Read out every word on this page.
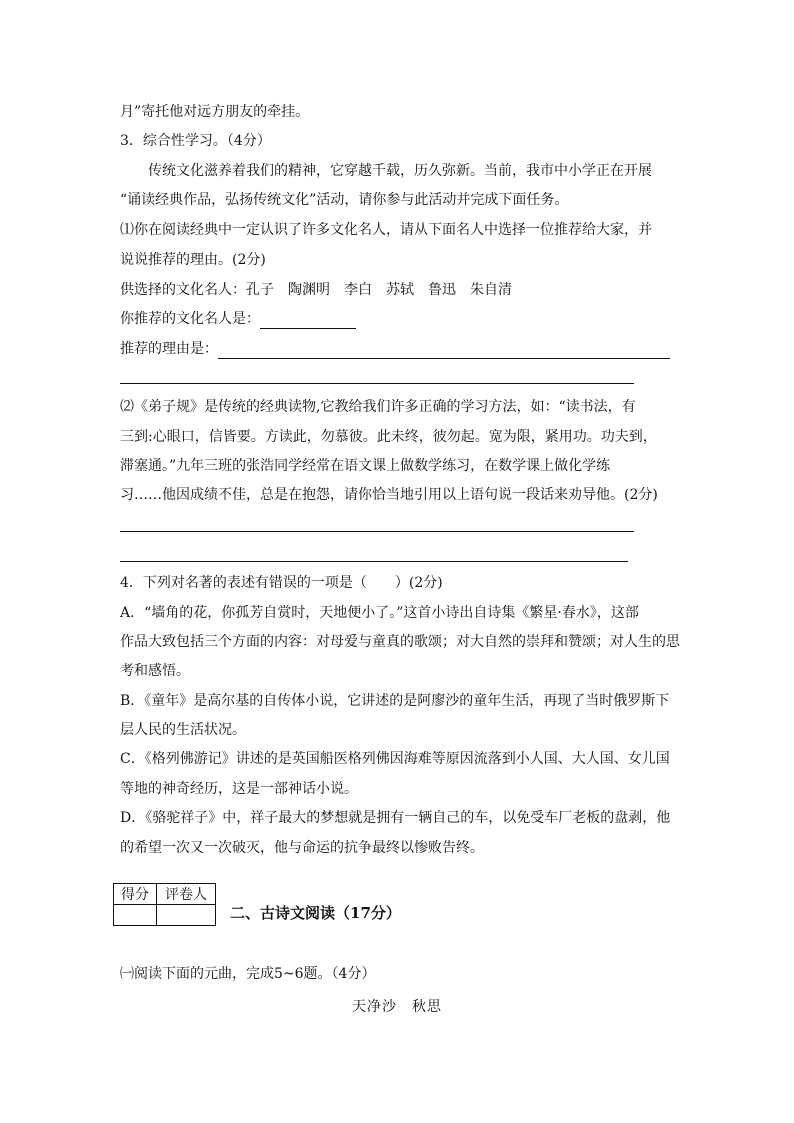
月”寄托他对远方朋友的牵挂。
3．综合性学习。（4分）
传统文化滋养着我们的精神，它穿越千载，历久弥新。当前，我市中小学正在开展
“诵读经典作品，弘扬传统文化”活动，请你参与此活动并完成下面任务。
⑴你在阅读经典中一定认识了许多文化名人，请从下面名人中选择一位推荐给大家，并
说说推荐的理由。(2分)
供选择的文化名人：孔子　陶渊明　李白　苏轼　鲁迅　朱自清
你推荐的文化名人是：
推荐的理由是：
⑵《弟子规》是传统的经典读物,它教给我们许多正确的学习方法，如：“读书法，有
三到:心眼口，信皆要。方读此，勿慕彼。此未终，彼勿起。宽为限，紧用功。功夫到，
滞塞通。”九年三班的张浩同学经常在语文课上做数学练习，在数学课上做化学练
习……他因成绩不佳，总是在抱怨，请你恰当地引用以上语句说一段话来劝导他。(2分)
4．下列对名著的表述有错误的一项是（　　）(2分)
A．“墙角的花，你孤芳自赏时，天地便小了。”这首小诗出自诗集《繁星·春水》，这部
作品大致包括三个方面的内容：对母爱与童真的歌颂；对大自然的崇拜和赞颂；对人生的思
考和感悟。
B．《童年》是高尔基的自传体小说，它讲述的是阿廖沙的童年生活，再现了当时俄罗斯下
层人民的生活状况。
C．《格列佛游记》讲述的是英国船医格列佛因海难等原因流落到小人国、大人国、女儿国
等地的神奇经历，这是一部神话小说。
D．《骆驼祥子》中，祥子最大的梦想就是拥有一辆自己的车，以免受车厂老板的盘剥，他
的希望一次又一次破灭，他与命运的抗争最终以惨败告终。
得分	评卷人

二、古诗文阅读（17分）
㈠阅读下面的元曲，完成5~6题。（4分）
天净沙　秋思
